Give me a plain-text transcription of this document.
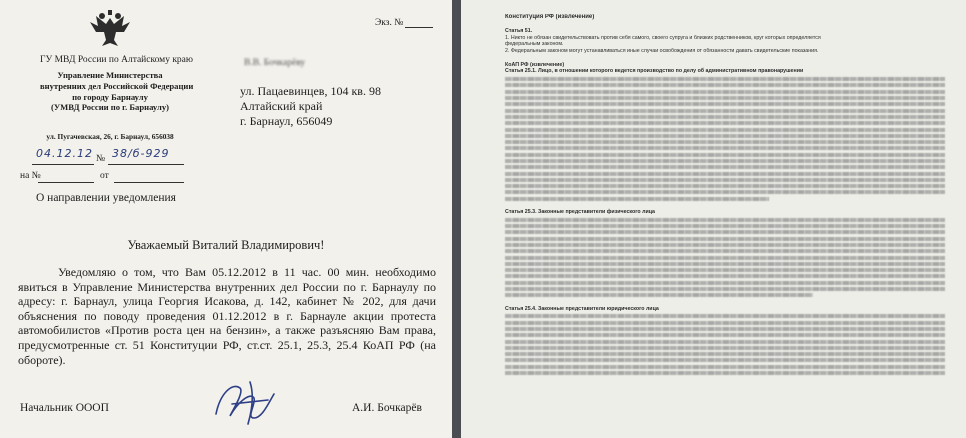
Экз. №
ГУ МВД России по Алтайскому краю
Управление Министерства
внутренних дел Российской Федерации
по городу Барнаулу
(УМВД России по г. Барнаулу)
ул. Пугачевская, 26, г. Барнаул, 656038
04.12.12 № 38/б-929
на №	от
О направлении уведомления
В.В. Бочкарёву
ул. Пацаевинцев, 104 кв. 98
Алтайский край
г. Барнаул, 656049
Уважаемый Виталий Владимирович!
Уведомляю о том, что Вам 05.12.2012 в 11 час. 00 мин. необходимо явиться в Управление Министерства внутренних дел России по г. Барнаулу по адресу: г. Барнаул, улица Георгия Исакова, д. 142, кабинет № 202, для дачи объяснения по поводу проведения 01.12.2012 в г. Барнауле акции протеста автомобилистов «Против роста цен на бензин», а также разъясняю Вам права, предусмотренные ст. 51 Конституции РФ, ст.ст. 25.1, 25.3, 25.4 КоАП РФ (на обороте).
Начальник ОООП	А.И. Бочкарёв
Конституция РФ (извлечение)
Статья 51.
1. Никто не обязан свидетельствовать против себя самого, своего супруга и близких родственников, круг которых определяется
федеральным законом.
2. Федеральным законом могут устанавливаться иные случаи освобождения от обязанности давать свидетельские показания.
КоАП РФ (извлечение)
Статья 25.1. Лицо, в отношении которого ведется производство по делу об административном правонарушении
Статья 25.3. Законные представители физического лица
Статья 25.4. Законные представители юридического лица
